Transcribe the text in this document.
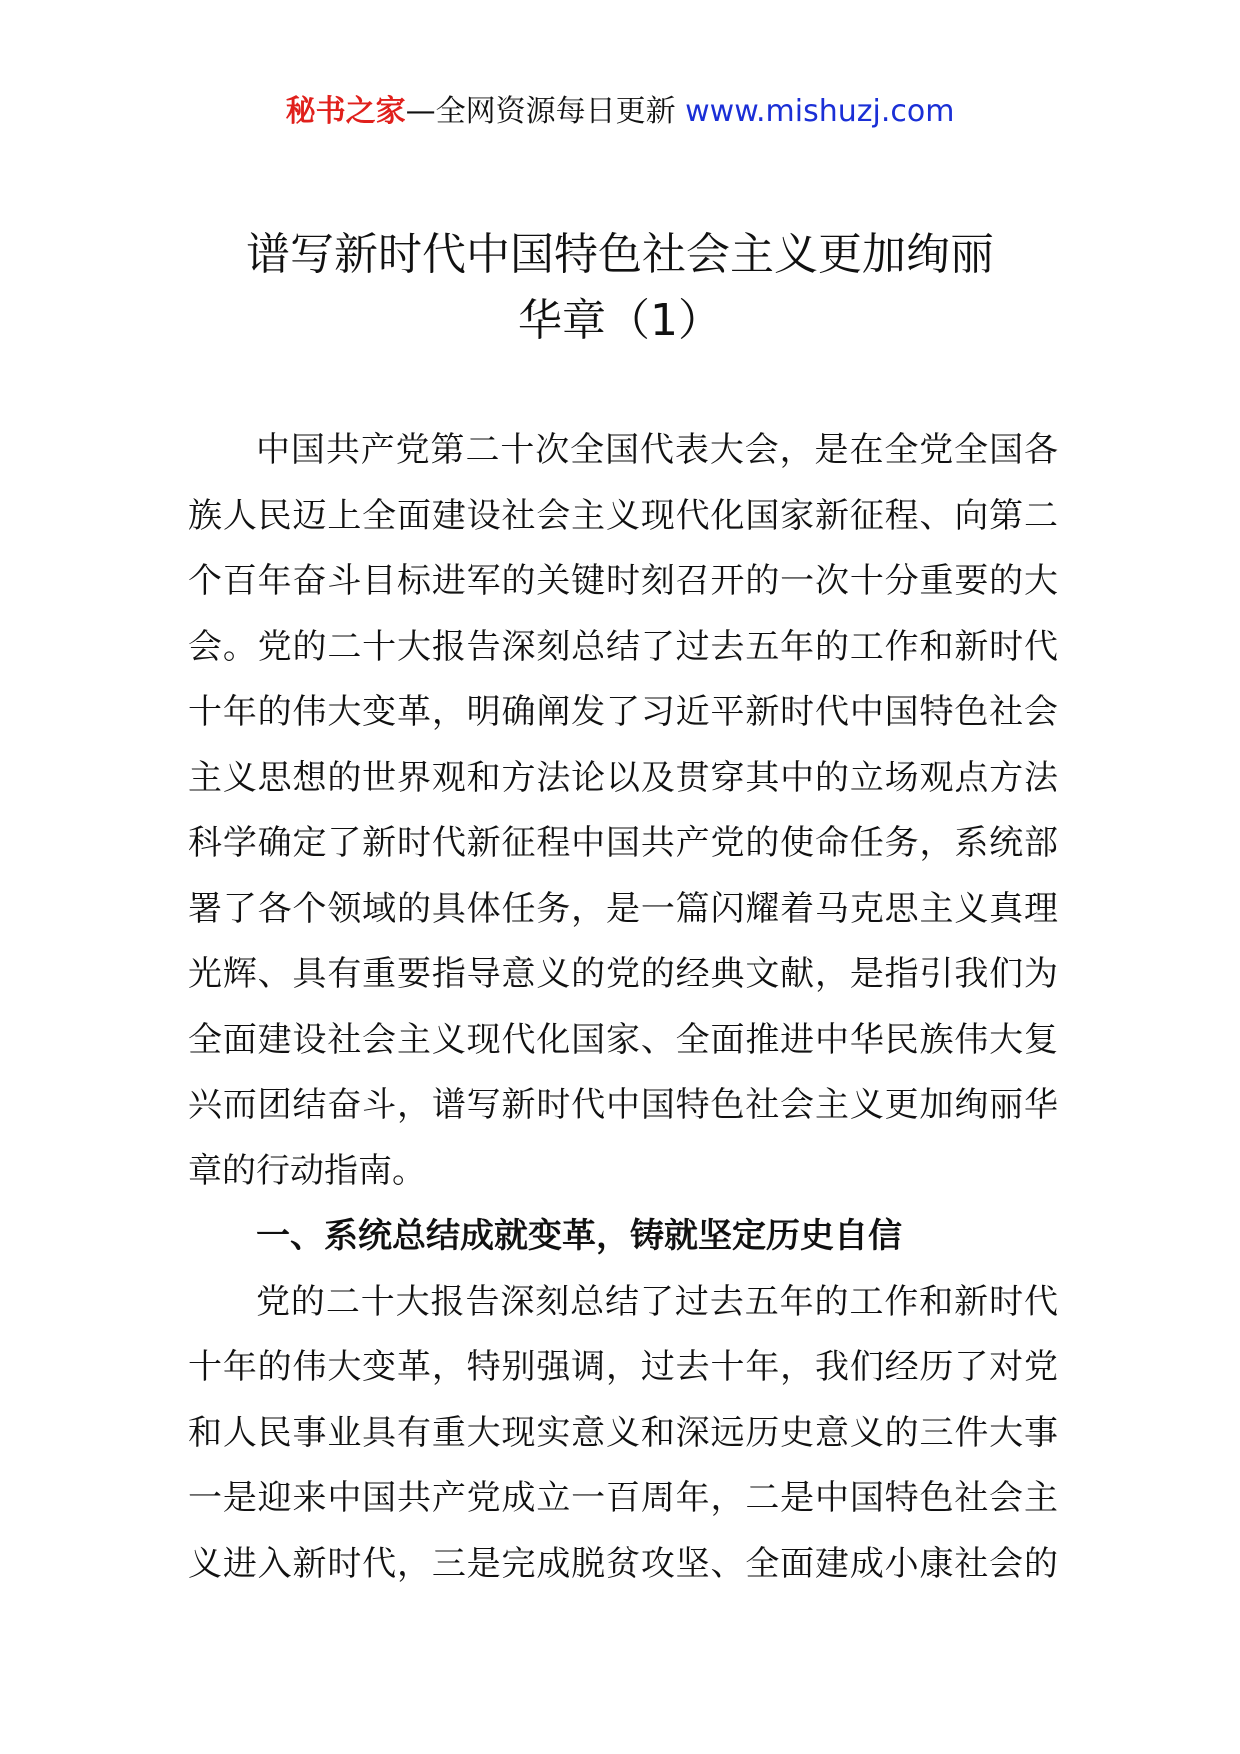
秘书之家—全网资源每日更新 www.mishuzj.com
谱写新时代中国特色社会主义更加绚丽
华章（1）
中国共产党第二十次全国代表大会，是在全党全国各
族人民迈上全面建设社会主义现代化国家新征程、向第二
个百年奋斗目标进军的关键时刻召开的一次十分重要的大
会。党的二十大报告深刻总结了过去五年的工作和新时代
十年的伟大变革，明确阐发了习近平新时代中国特色社会
主义思想的世界观和方法论以及贯穿其中的立场观点方法
科学确定了新时代新征程中国共产党的使命任务，系统部
署了各个领域的具体任务，是一篇闪耀着马克思主义真理
光辉、具有重要指导意义的党的经典文献，是指引我们为
全面建设社会主义现代化国家、全面推进中华民族伟大复
兴而团结奋斗，谱写新时代中国特色社会主义更加绚丽华
章的行动指南。
一、系统总结成就变革，铸就坚定历史自信
党的二十大报告深刻总结了过去五年的工作和新时代
十年的伟大变革，特别强调，过去十年，我们经历了对党
和人民事业具有重大现实意义和深远历史意义的三件大事
一是迎来中国共产党成立一百周年，二是中国特色社会主
义进入新时代，三是完成脱贫攻坚、全面建成小康社会的
